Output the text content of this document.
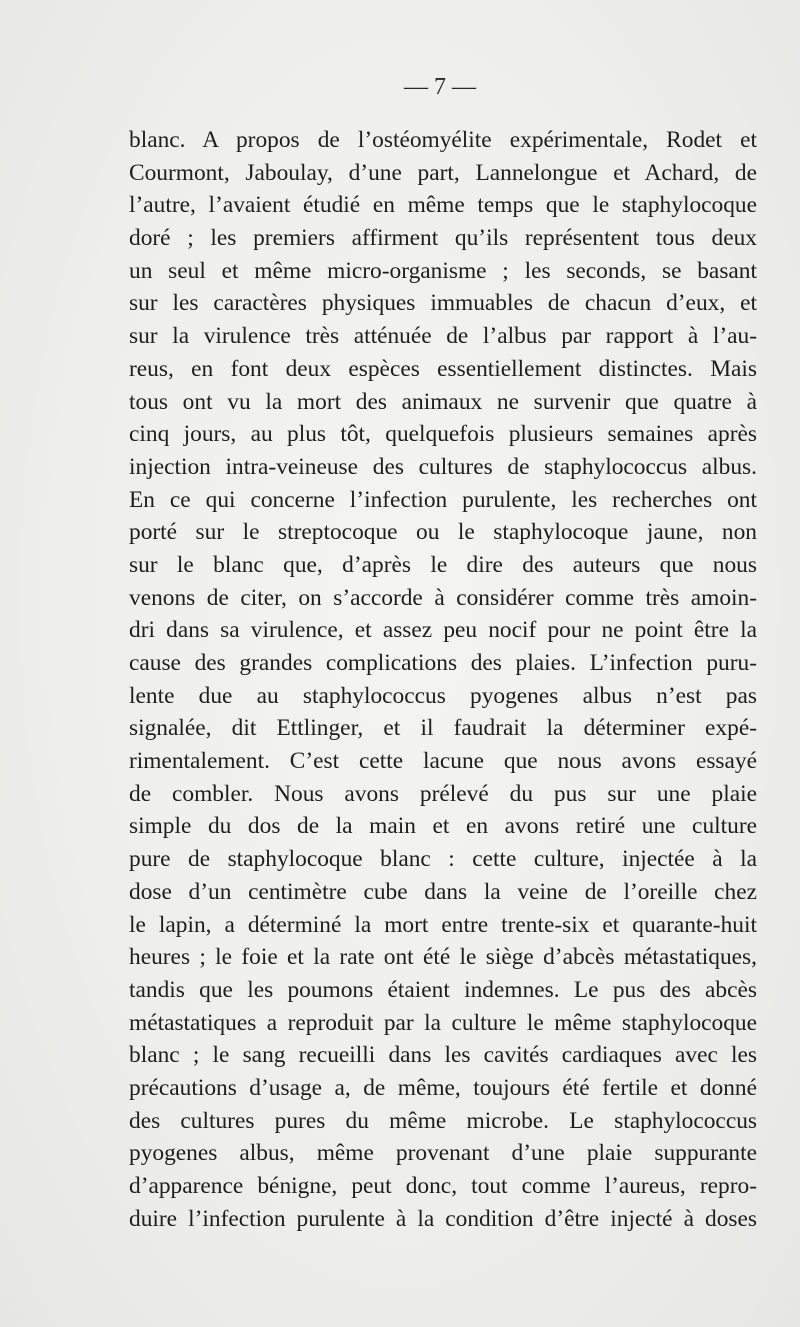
— 7 —
blanc. A propos de l’ostéomyélite expérimentale, Rodet et
Courmont, Jaboulay, d’une part, Lannelongue et Achard, de
l’autre, l’avaient étudié en même temps que le staphylocoque
doré ; les premiers affirment qu’ils représentent tous deux
un seul et même micro-organisme ; les seconds, se basant
sur les caractères physiques immuables de chacun d’eux, et
sur la virulence très atténuée de l’albus par rapport à l’au-
reus, en font deux espèces essentiellement distinctes. Mais
tous ont vu la mort des animaux ne survenir que quatre à
cinq jours, au plus tôt, quelquefois plusieurs semaines après
injection intra-veineuse des cultures de staphylococcus albus.
En ce qui concerne l’infection purulente, les recherches ont
porté sur le streptocoque ou le staphylocoque jaune, non
sur le blanc que, d’après le dire des auteurs que nous
venons de citer, on s’accorde à considérer comme très amoin-
dri dans sa virulence, et assez peu nocif pour ne point être la
cause des grandes complications des plaies. L’infection puru-
lente due au staphylococcus pyogenes albus n’est pas
signalée, dit Ettlinger, et il faudrait la déterminer expé-
rimentalement. C’est cette lacune que nous avons essayé
de combler. Nous avons prélevé du pus sur une plaie
simple du dos de la main et en avons retiré une culture
pure de staphylocoque blanc : cette culture, injectée à la
dose d’un centimètre cube dans la veine de l’oreille chez
le lapin, a déterminé la mort entre trente-six et quarante-huit
heures ; le foie et la rate ont été le siège d’abcès métastatiques,
tandis que les poumons étaient indemnes. Le pus des abcès
métastatiques a reproduit par la culture le même staphylocoque
blanc ; le sang recueilli dans les cavités cardiaques avec les
précautions d’usage a, de même, toujours été fertile et donné
des cultures pures du même microbe. Le staphylococcus
pyogenes albus, même provenant d’une plaie suppurante
d’apparence bénigne, peut donc, tout comme l’aureus, repro-
duire l’infection purulente à la condition d’être injecté à doses
